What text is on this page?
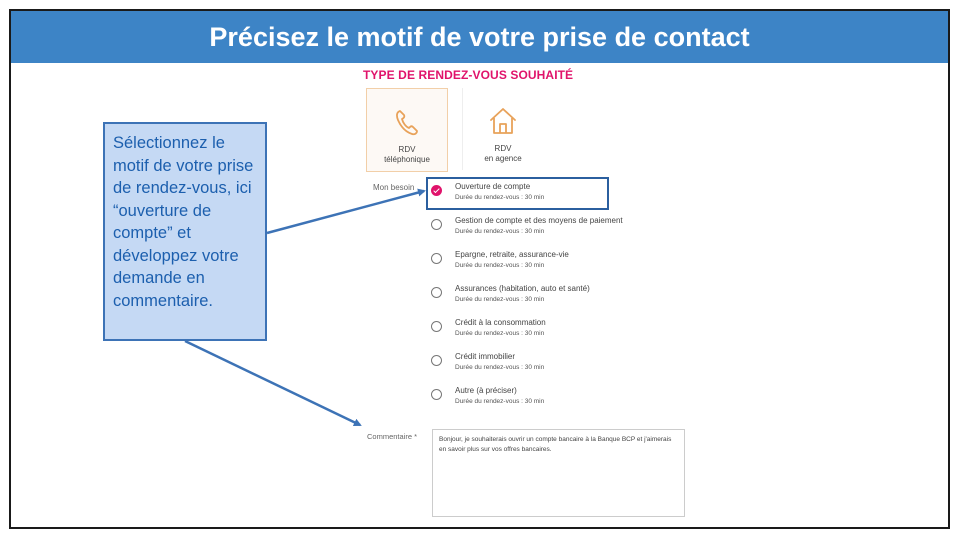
Précisez le motif de votre prise de contact
TYPE DE RENDEZ-VOUS SOUHAITÉ
RDV
téléphonique
RDV
en agence
Mon besoin	Ouverture de compte
Durée du rendez-vous : 30 min
Gestion de compte et des moyens de paiement
Durée du rendez-vous : 30 min
Epargne, retraite, assurance-vie
Durée du rendez-vous : 30 min
Assurances (habitation, auto et santé)
Durée du rendez-vous : 30 min
Crédit à la consommation
Durée du rendez-vous : 30 min
Crédit immobilier
Durée du rendez-vous : 30 min
Autre (à préciser)
Durée du rendez-vous : 30 min
Commentaire *	Bonjour, je souhaiterais ouvrir un compte bancaire à la Banque BCP et j'aimerais en savoir plus sur vos offres bancaires.
Sélectionnez le motif de votre prise de rendez-vous, ici “ouverture de compte” et développez votre demande en commentaire.
